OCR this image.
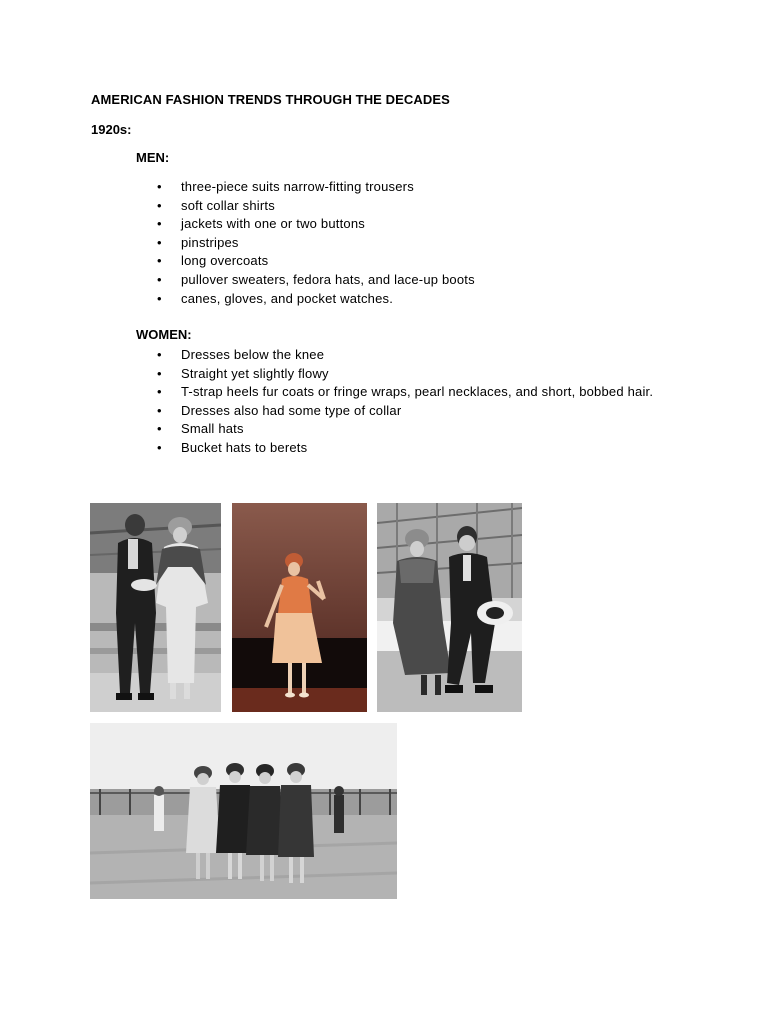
AMERICAN FASHION TRENDS THROUGH THE DECADES
1920s:
MEN:
• three-piece suits narrow-fitting trousers
• soft collar shirts
• jackets with one or two buttons
• pinstripes
• long overcoats
• pullover sweaters, fedora hats, and lace-up boots
• canes, gloves, and pocket watches.
WOMEN:
• Dresses below the knee
• Straight yet slightly flowy
• T-strap heels fur coats or fringe wraps, pearl necklaces, and short, bobbed hair.
• Dresses also had some type of collar
• Small hats
• Bucket hats to berets
